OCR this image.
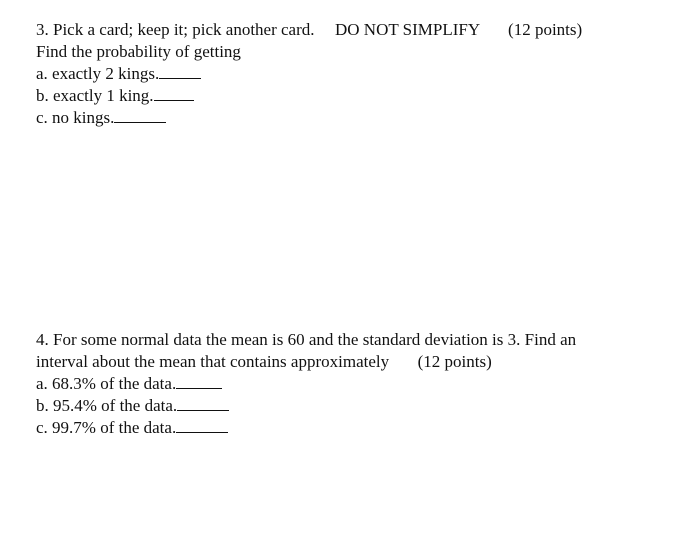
3. Pick a card; keep it; pick another card. DO NOT SIMPLIFY (12 points)
Find the probability of getting
a. exactly 2 kings.
b. exactly 1 king.
c. no kings.
4. For some normal data the mean is 60 and the standard deviation is 3. Find an
interval about the mean that contains approximately (12 points)
a. 68.3% of the data.
b. 95.4% of the data.
c. 99.7% of the data.
